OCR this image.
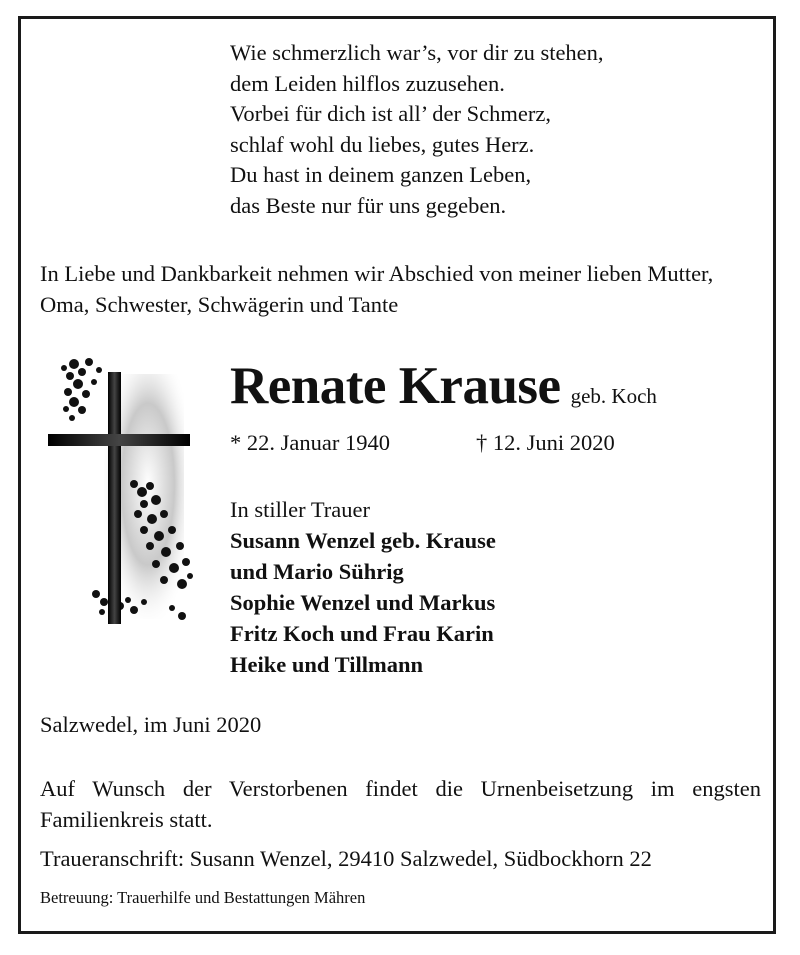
Wie schmerzlich war’s, vor dir zu stehen,
dem Leiden hilflos zuzusehen.
Vorbei für dich ist all’ der Schmerz,
schlaf wohl du liebes, gutes Herz.
Du hast in deinem ganzen Leben,
das Beste nur für uns gegeben.
In Liebe und Dankbarkeit nehmen wir Abschied von meiner lieben Mutter, Oma, Schwester, Schwägerin und Tante
Renate Krause geb. Koch
* 22. Januar 1940	† 12. Juni 2020
In stiller Trauer
Susann Wenzel geb. Krause
und Mario Sührig
Sophie Wenzel und Markus
Fritz Koch und Frau Karin
Heike und Tillmann
Salzwedel, im Juni 2020
Auf Wunsch der Verstorbenen findet die Urnenbeisetzung im engsten Familienkreis statt.
Traueranschrift: Susann Wenzel, 29410 Salzwedel, Südbockhorn 22
Betreuung: Trauerhilfe und Bestattungen Mähren
